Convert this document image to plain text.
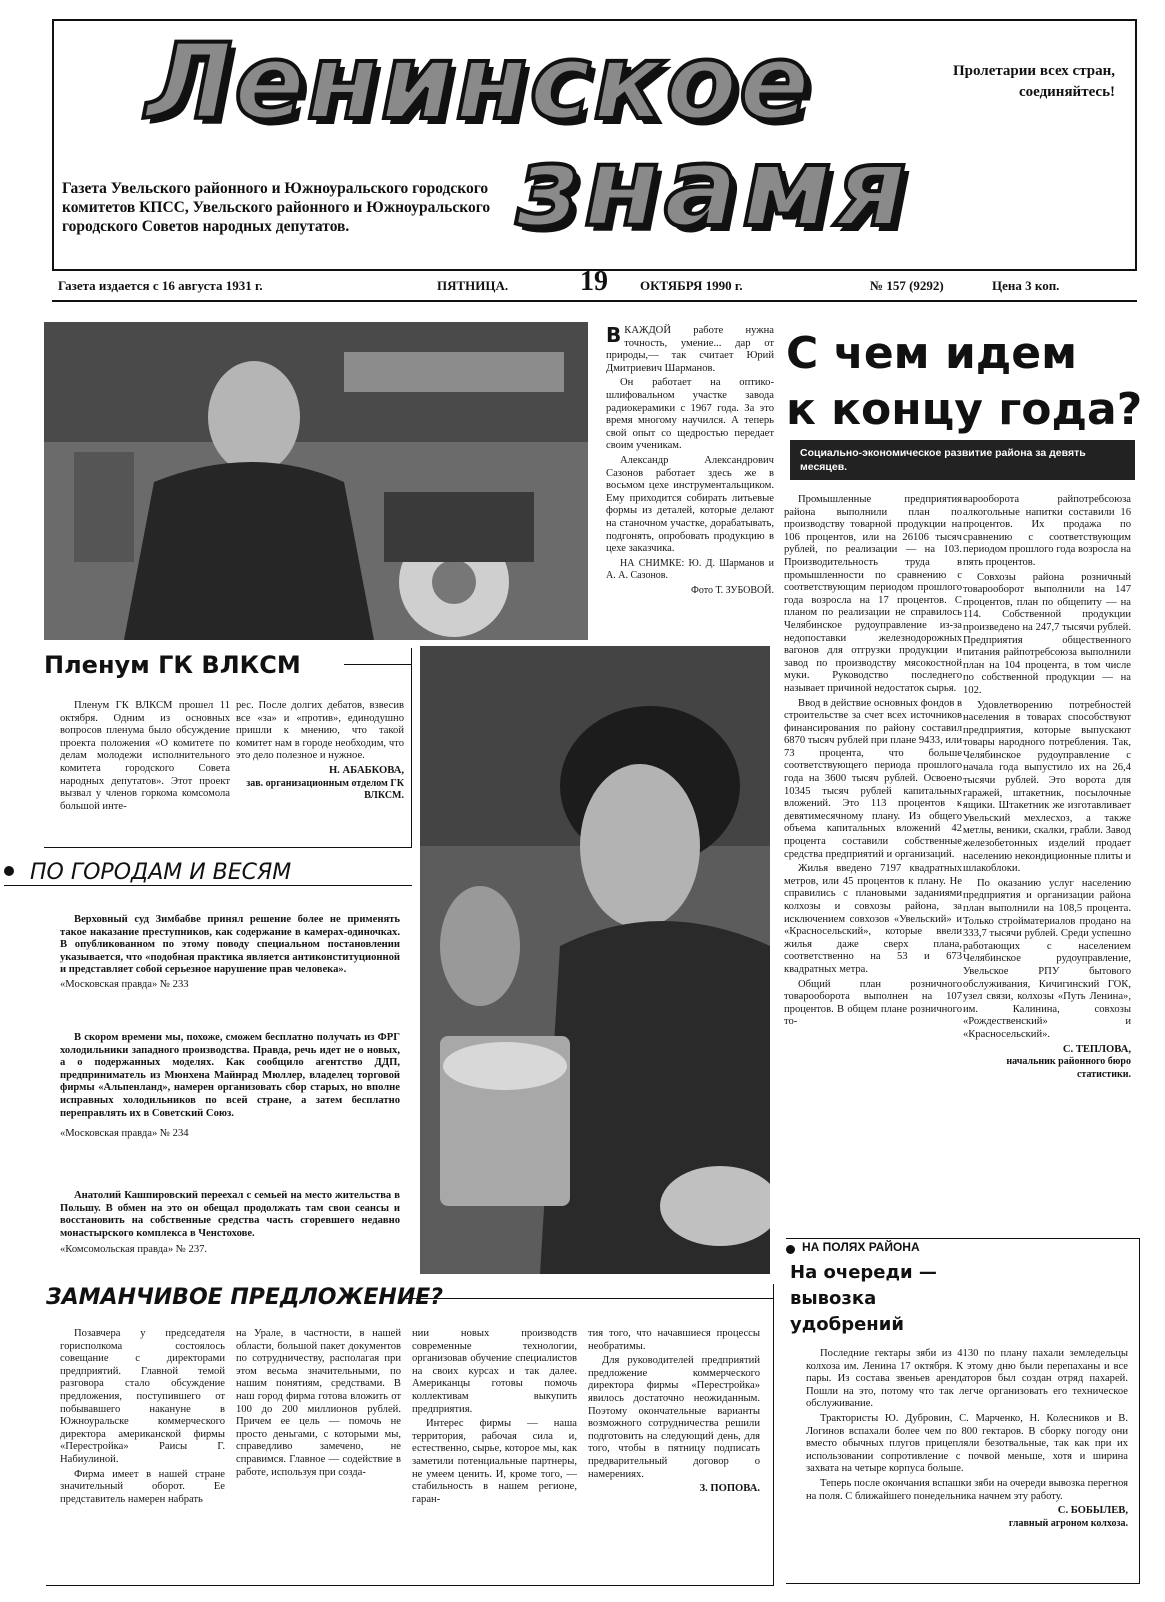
Ленинское
знамя
Пролетарии всех стран,
соединяйтесь!
Газета Увельского районного и Южноуральского городского комитетов КПСС, Увельского районного и Южноуральского городского Советов народных депутатов.
Газета издается с 16 августа 1931 г.	ПЯТНИЦА.	19 ОКТЯБРЯ 1990 г.	№ 157 (9292)	Цена 3 коп.

ВКАЖДОЙ работе нужна точность, умение... дар от природы,— так считает Юрий Дмитриевич Шарманов.

Он работает на оптико-шлифовальном участке завода радиокерамики с 1967 года. За это время многому научился. А теперь свой опыт со щедростью передает своим ученикам.

Александр Александрович Сазонов работает здесь же в восьмом цехе инструментальщиком. Ему приходится собирать литьевые формы из деталей, которые делают на станочном участке, дорабатывать, подгонять, опробовать продукцию в цехе заказчика.

НА СНИМКЕ: Ю. Д. Шарманов и А. А. Сазонов.

Фото Т. ЗУБОВОЙ.

С чем идем
к концу года?
Социально-экономическое развитие района за девять месяцев.

Промышленные предприятия района выполнили план по производству товарной продукции на 106 процентов, или на 26106 тысяч рублей, по реализации — на 103. Производительность труда в промышленности по сравнению с соответствующим периодом прошлого года возросла на 17 процентов. С планом по реализации не справилось Челябинское рудоуправление из-за недопоставки железнодорожных вагонов для отгрузки продукции и завод по производству мясокостной муки. Руководство последнего называет причиной недостаток сырья.

Ввод в действие основных фондов в строительстве за счет всех источников финансирования по району составил 6870 тысяч рублей при плане 9433, или 73 процента, что больше соответствующего периода прошлого года на 3600 тысяч рублей. Освоено 10345 тысяч рублей капитальных вложений. Это 113 процентов к девятимесячному плану. Из общего объема капитальных вложений 42 процента составили собственные средства предприятий и организаций.

Жилья введено 7197 квадратных метров, или 45 процентов к плану. Не справились с плановыми заданиями колхозы и совхозы района, за исключением совхозов «Увельский» и «Красносельский», которые ввели жилья даже сверх плана, соответственно на 53 и 673 квадратных метра.

Общий план розничного товарооборота выполнен на 107 процентов. В общем плане розничного то-

варооборота райпотребсоюза алкогольные напитки составили 16 процентов. Их продажа по сравнению с соответствующим периодом прошлого года возросла на пять процентов.

Совхозы района розничный товарооборот выполнили на 147 процентов, план по общепиту — на 114. Собственной продукции произведено на 247,7 тысячи рублей. Предприятия общественного питания райпотребсоюза выполнили план на 104 процента, в том числе по собственной продукции — на 102.

Удовлетворению потребностей населения в товарах способствуют предприятия, которые выпускают товары народного потребления. Так, Челябинское рудоуправление с начала года выпустило их на 26,4 тысячи рублей. Это ворота для гаражей, штакетник, посылочные ящики. Штакетник же изготавливает Увельский мехлесхоз, а также метлы, веники, скалки, грабли. Завод железобетонных изделий продает населению некондиционные плиты и шлакоблоки.

По оказанию услуг населению предприятия и организации района план выполнили на 108,5 процента. Только стройматериалов продано на 333,7 тысячи рублей. Среди успешно работающих с населением Челябинское рудоуправление, Увельское РПУ бытового обслуживания, Кичигинский ГОК, узел связи, колхозы «Путь Ленина», им. Калинина, совхозы «Рождественский» и «Красносельский».

С. ТЕПЛОВА,
начальник районного бюро статистики.
Пленум ГК ВЛКСМ

Пленум ГК ВЛКСМ прошел 11 октября. Одним из основных вопросов пленума было обсуждение проекта положения «О комитете по делам молодежи исполнительного комитета городского Совета народных депутатов». Этот проект вызвал у членов горкома комсомола большой инте-

рес. После долгих дебатов, взвесив все «за» и «против», единодушно пришли к мнению, что такой комитет нам в городе необходим, что это дело полезное и нужное.

Н. АБАБКОВА,
зав. организационным отделом ГК ВЛКСМ.
ПО ГОРОДАМ И ВЕСЯМ

Верховный суд Зимбабве принял решение более не применять такое наказание преступников, как содержание в камерах-одиночках. В опубликованном по этому поводу специальном постановлении указывается, что «подобная практика является антиконституционной и представляет собой серьезное нарушение прав человека».

«Московская правда» № 233

В скором времени мы, похоже, сможем бесплатно получать из ФРГ холодильники западного производства. Правда, речь идет не о новых, а о подержанных моделях. Как сообщило агентство ДДП, предприниматель из Мюнхена Майнрад Мюллер, владелец торговой фирмы «Альпенланд», намерен организовать сбор старых, но вполне исправных холодильников по всей стране, а затем бесплатно переправлять их в Советский Союз.

«Московская правда» № 234

Анатолий Кашпировский переехал с семьей на место жительства в Польшу. В обмен на это он обещал продолжать там свои сеансы и восстановить на собственные средства часть сгоревшего недавно монастырского комплекса в Ченстохове.

«Комсомольская правда» № 237.

ЗАМАНЧИВОЕ ПРЕДЛОЖЕНИЕ?

Позавчера у председателя горисполкома состоялось совещание с директорами предприятий. Главной темой разговора стало обсуждение предложения, поступившего от побывавшего накануне в Южноуральске коммерческого директора американской фирмы «Перестройка» Раисы Г. Набиулиной.

Фирма имеет в нашей стране значительный оборот. Ее представитель намерен набрать

на Урале, в частности, в нашей области, большой пакет документов по сотрудничеству, располагая при этом весьма значительными, по нашим понятиям, средствами. В наш город фирма готова вложить от 100 до 200 миллионов рублей. Причем ее цель — помочь не просто деньгами, с которыми мы, справедливо замечено, не справимся. Главное — содействие в работе, используя при созда-

нии новых производств современные технологии, организовав обучение специалистов на своих курсах и так далее. Американцы готовы помочь коллективам выкупить предприятия.

Интерес фирмы — наша территория, рабочая сила и, естественно, сырье, которое мы, как заметили потенциальные партнеры, не умеем ценить. И, кроме того, — стабильность в нашем регионе, гаран-

тия того, что начавшиеся процессы необратимы.

Для руководителей предприятий предложение коммерческого директора фирмы «Перестройка» явилось достаточно неожиданным. Поэтому окончательные варианты возможного сотрудничества решили подготовить на следующий день, для того, чтобы в пятницу подписать предварительный договор о намерениях.

З. ПОПОВА.
НА ПОЛЯХ РАЙОНА
На очереди —
вывозка
удобрений

Последние гектары зяби из 4130 по плану пахали земледельцы колхоза им. Ленина 17 октября. К этому дню были перепаханы и все пары. Из состава звеньев арендаторов был создан отряд пахарей. Пошли на это, потому что так легче организовать его техническое обслуживание.

Трактористы Ю. Дубровин, С. Марченко, Н. Колесников и В. Логинов вспахали более чем по 800 гектаров. В сборку погоду они вместо обычных плугов прицепляли безотвальные, так как при их использовании сопротивление с почвой меньше, хотя и ширина захвата на четыре корпуса больше.

Теперь после окончания вспашки зяби на очереди вывозка перегноя на поля. С ближайшего понедельника начнем эту работу.

С. БОБЫЛЕВ,
главный агроном колхоза.
